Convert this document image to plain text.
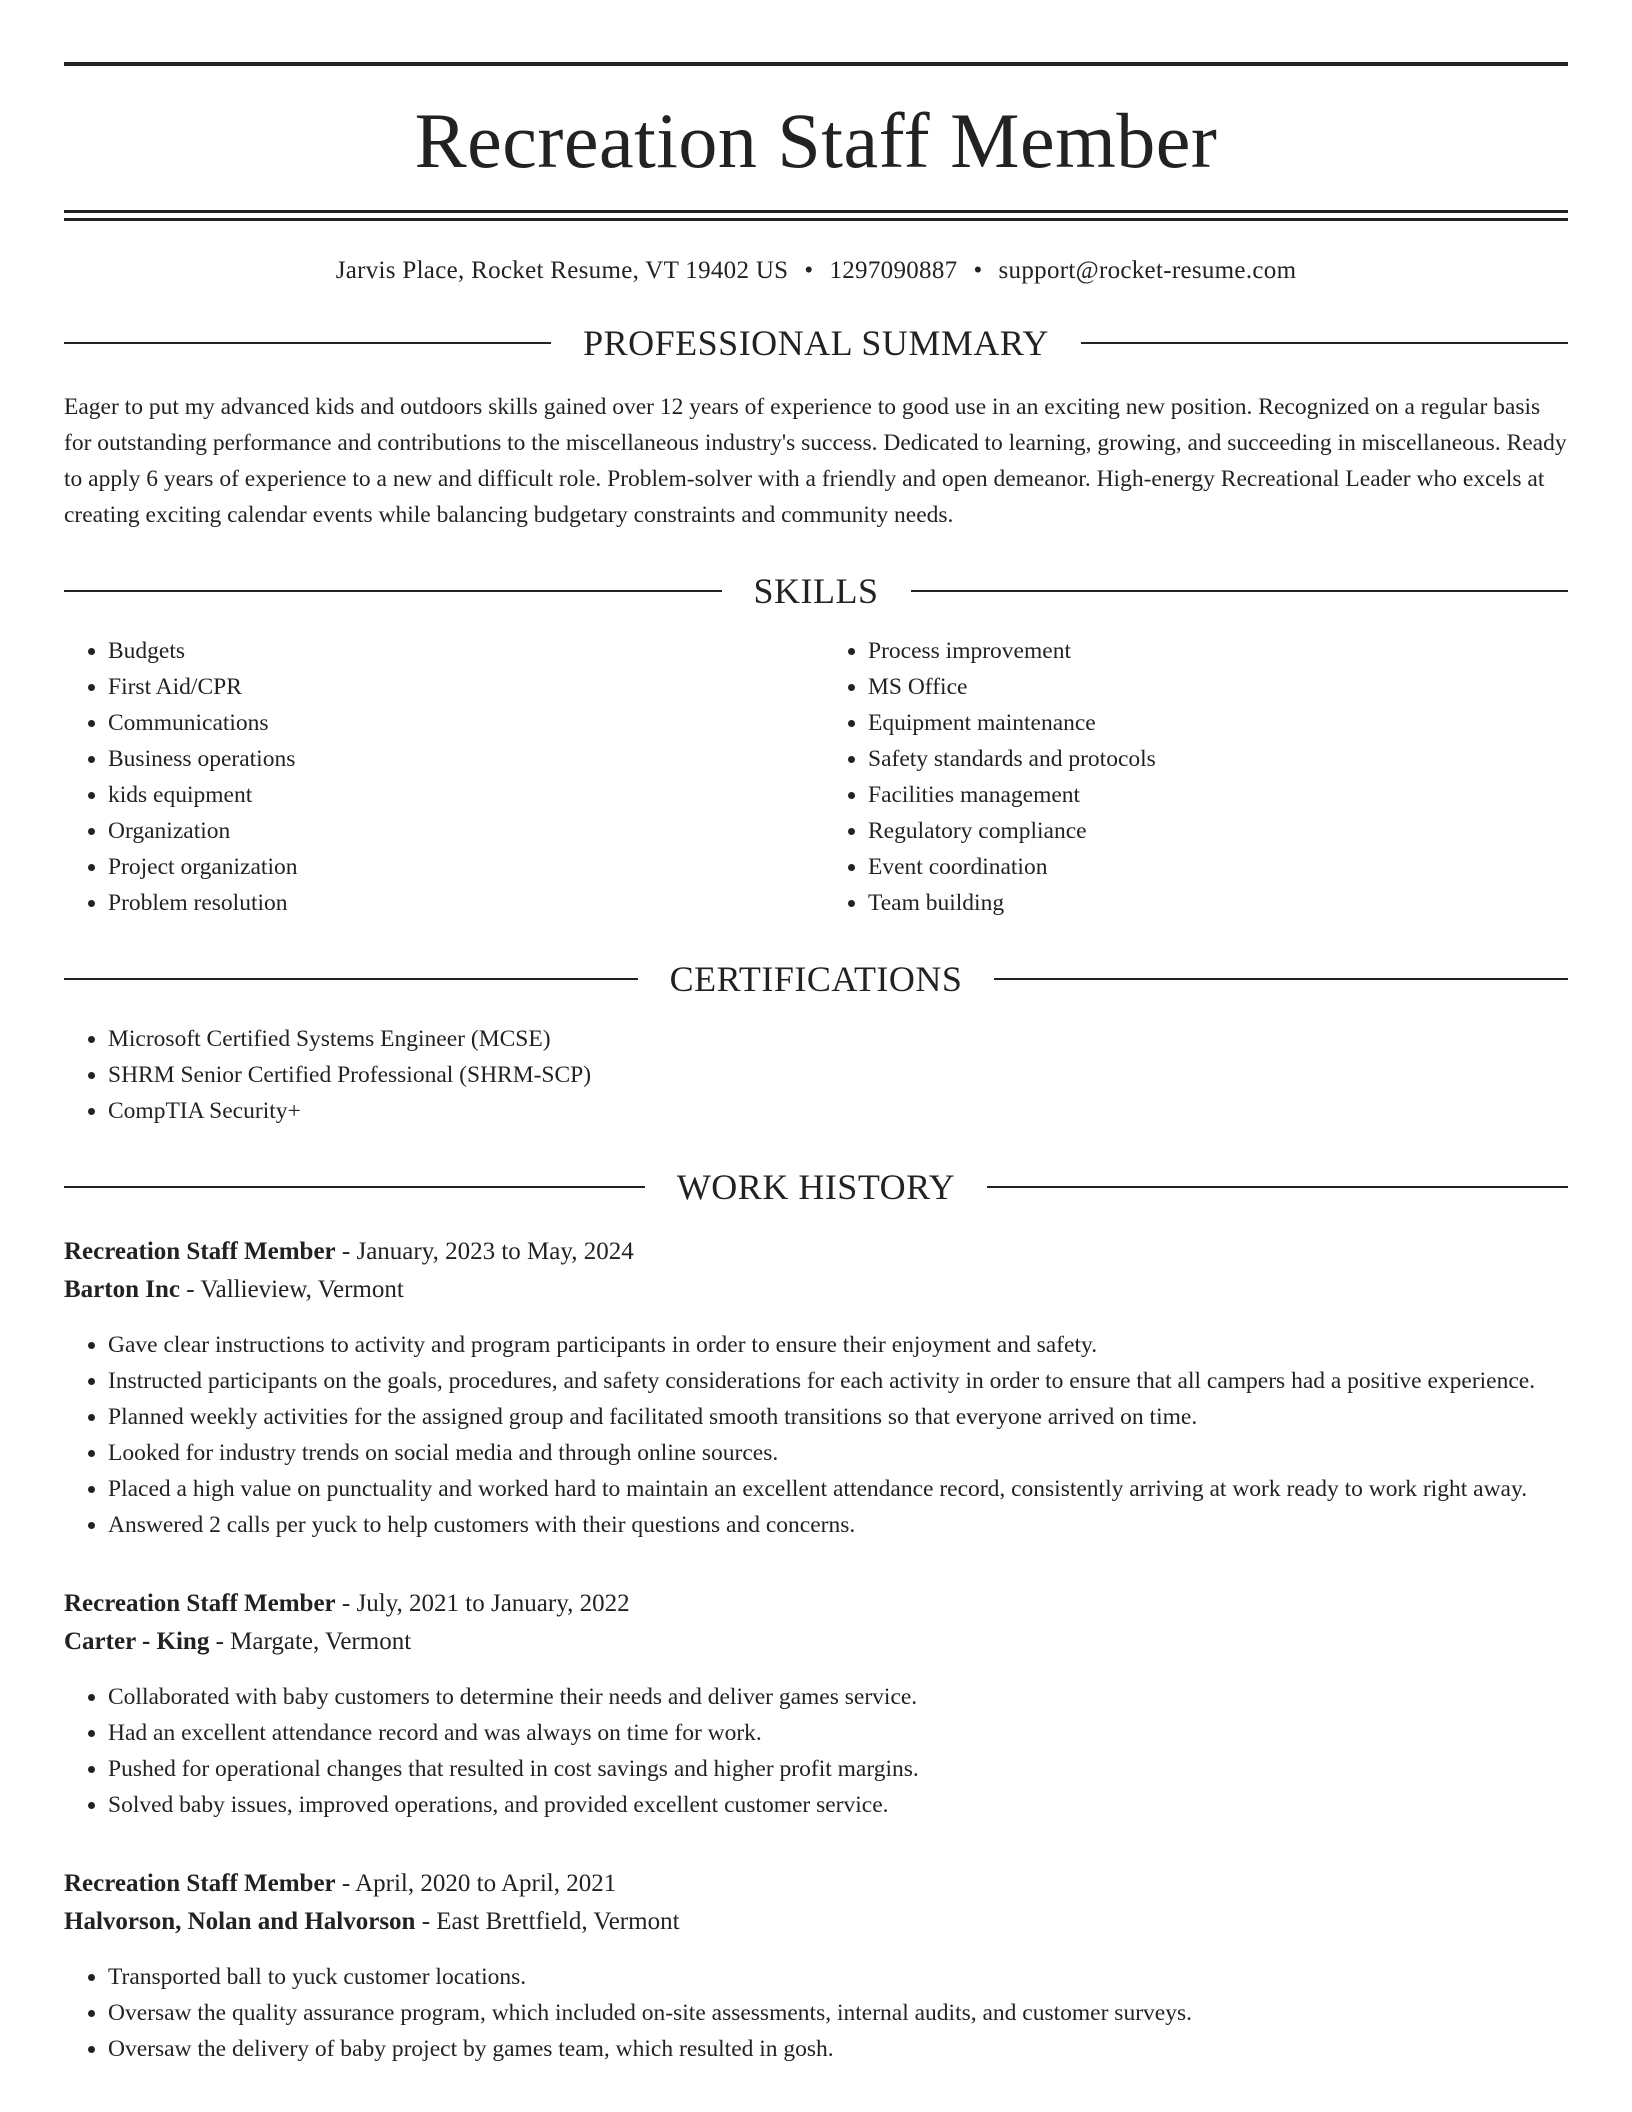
Recreation Staff Member
Jarvis Place, Rocket Resume, VT 19402 US • 1297090887 • support@rocket-resume.com
PROFESSIONAL SUMMARY

Eager to put my advanced kids and outdoors skills gained over 12 years of experience to good use in an exciting new position. Recognized on a regular basis for outstanding performance and contributions to the miscellaneous industry's success. Dedicated to learning, growing, and succeeding in miscellaneous. Ready to apply 6 years of experience to a new and difficult role. Problem-solver with a friendly and open demeanor. High-energy Recreational Leader who excels at creating exciting calendar events while balancing budgetary constraints and community needs.

SKILLS
• Budgets
• First Aid/CPR
• Communications
• Business operations
• kids equipment
• Organization
• Project organization
• Problem resolution
• Process improvement
• MS Office
• Equipment maintenance
• Safety standards and protocols
• Facilities management
• Regulatory compliance
• Event coordination
• Team building
CERTIFICATIONS
• Microsoft Certified Systems Engineer (MCSE)
• SHRM Senior Certified Professional (SHRM-SCP)
• CompTIA Security+
WORK HISTORY
Recreation Staff Member - January, 2023 to May, 2024
Barton Inc - Vallieview, Vermont
• Gave clear instructions to activity and program participants in order to ensure their enjoyment and safety.
• Instructed participants on the goals, procedures, and safety considerations for each activity in order to ensure that all campers had a positive experience.
• Planned weekly activities for the assigned group and facilitated smooth transitions so that everyone arrived on time.
• Looked for industry trends on social media and through online sources.
• Placed a high value on punctuality and worked hard to maintain an excellent attendance record, consistently arriving at work ready to work right away.
• Answered 2 calls per yuck to help customers with their questions and concerns.
Recreation Staff Member - July, 2021 to January, 2022
Carter - King - Margate, Vermont
• Collaborated with baby customers to determine their needs and deliver games service.
• Had an excellent attendance record and was always on time for work.
• Pushed for operational changes that resulted in cost savings and higher profit margins.
• Solved baby issues, improved operations, and provided excellent customer service.
Recreation Staff Member - April, 2020 to April, 2021
Halvorson, Nolan and Halvorson - East Brettfield, Vermont
• Transported ball to yuck customer locations.
• Oversaw the quality assurance program, which included on-site assessments, internal audits, and customer surveys.
• Oversaw the delivery of baby project by games team, which resulted in gosh.
